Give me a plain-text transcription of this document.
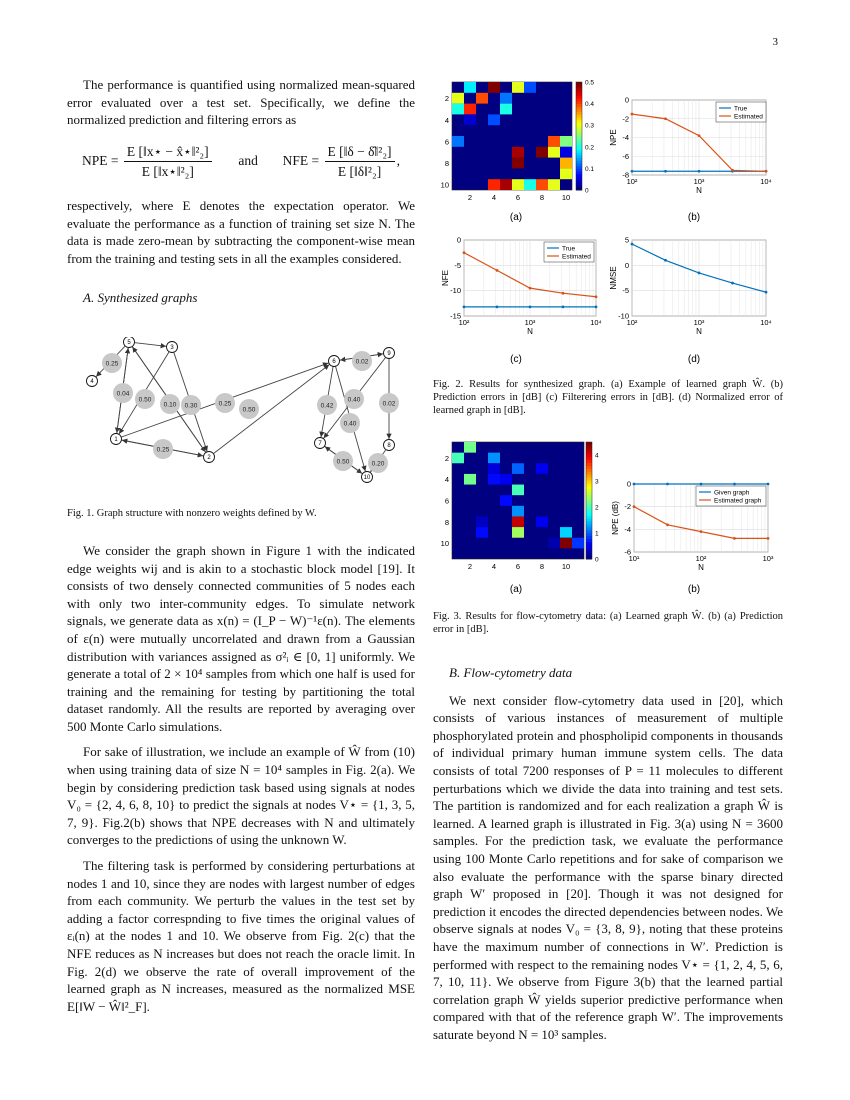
3

The performance is quantified using normalized mean-squared error evaluated over a test set. Specifically, we define the normalized prediction and filtering errors as

NPE = $\frac{\text{E [‖x⋆ − x̂⋆‖²₂]}}{\text{E [‖x⋆‖²₂]}}$ and NFE = $\frac{\text{E [‖δ − δ̂‖²₂]}}{\text{E [‖δ‖²₂]}}$ ,

respectively, where E denotes the expectation operator. We evaluate the performance as a function of training set size N. The data is made zero-mean by subtracting the component-wise mean from the training and testing sets in all the examples considered.

A. Synthesized graphs

0.25
0.04
0.50
0.10 0.30	0.25
0.50
0.25
0.02
0.42
0.40
0.40
0.02
0.50	0.20
1
2
3
4
5
6
7	8
9
10

Fig. 1. Graph structure with nonzero weights defined by W.

We consider the graph shown in Figure 1 with the indicated edge weights wij and is akin to a stochastic block model [19]. It consists of two densely connected communities of 5 nodes each with only two inter-community edges. To simulate network signals, we generate data as x(n) = (I_P − W)⁻¹ε(n). The elements of ε(n) were mutually uncorrelated and drawn from a Gaussian distribution with variances assigned as σ²ᵢ ∈ [0, 1] uniformly. We generate a total of 2 × 10⁴ samples from which one half is used for training and the remaining for testing by partitioning the total dataset randomly. All the results are reported by averaging over 500 Monte Carlo simulations.

For sake of illustration, we include an example of Ŵ from (10) when using training data of size N = 10⁴ samples in Fig. 2(a). We begin by considering prediction task based using signals at nodes V₀ = {2, 4, 6, 8, 10} to predict the signals at nodes V⋆ = {1, 3, 5, 7, 9}. Fig.2(b) shows that NPE decreases with N and ultimately converges to the predictions of using the unknown W.

The filtering task is performed by considering perturbations at nodes 1 and 10, since they are nodes with largest number of edges from each community. We perturb the values in the test set by adding a factor correspnding to five times the original values of εᵢ(n) at the nodes 1 and 10. We observe from Fig. 2(c) that the NFE reduces as N increases but does not reach the oracle limit. In Fig. 2(d) we observe the rate of overall improvement of the learned graph as N increases, measured as the normalized MSE E[‖W − Ŵ‖²_F].

2	4	6	8 10
2
4
6
8
10
0
0.1
0.2
0.3
0.4
0.5
10²	10³	10⁴
0
-2
-4
-6
-8
N
NPE
True
Estimated
10²	10³	10⁴
0
-5
-10
-15
N
NFE
True
Estimated
10²	10³	10⁴
5
0
-5
-10
N
NMSE
(a)	(b)
(c)	(d)
Fig. 2. Results for synthesized graph. (a) Example of learned graph Ŵ. (b) Prediction errors in [dB] (c) Filterering errors in [dB]. (d) Normalized error of learned graph in [dB].
2	4	6	8 10
2
4
6
8
10
0
1
2
3
4
10¹	10²	10³
0
-2
-4
-6
N
NPE (dB)
Given graph
Estimated graph
(a)	(b)
Fig. 3. Results for flow-cytometry data: (a) Learned graph Ŵ. (b) (a) Prediction error in [dB].

B. Flow-cytometry data

We next consider flow-cytometry data used in [20], which consists of various instances of measurement of multiple phosphorylated protein and phospholipid components in thousands of individual primary human immune system cells. The data consists of total 7200 responses of P = 11 molecules to different perturbations which we divide the data into training and test sets. The partition is randomized and for each realization a graph Ŵ is learned. A learned graph is illustrated in Fig. 3(a) using N = 3600 samples. For the prediction task, we evaluate the performance using 100 Monte Carlo repetitions and for sake of comparison we also evaluate the performance with the sparse binary directed graph W′ proposed in [20]. Though it was not designed for prediction it encodes the directed dependencies between nodes. We observe signals at nodes V₀ = {3, 8, 9}, noting that these proteins have the maximum number of connections in W′. Prediction is performed with respect to the remaining nodes V⋆ = {1, 2, 4, 5, 6, 7, 10, 11}. We observe from Figure 3(b) that the learned partial correlation graph Ŵ yields superior predictive performance when compared with that of the reference graph W′. The improvements saturate beyond N = 10³ samples.
